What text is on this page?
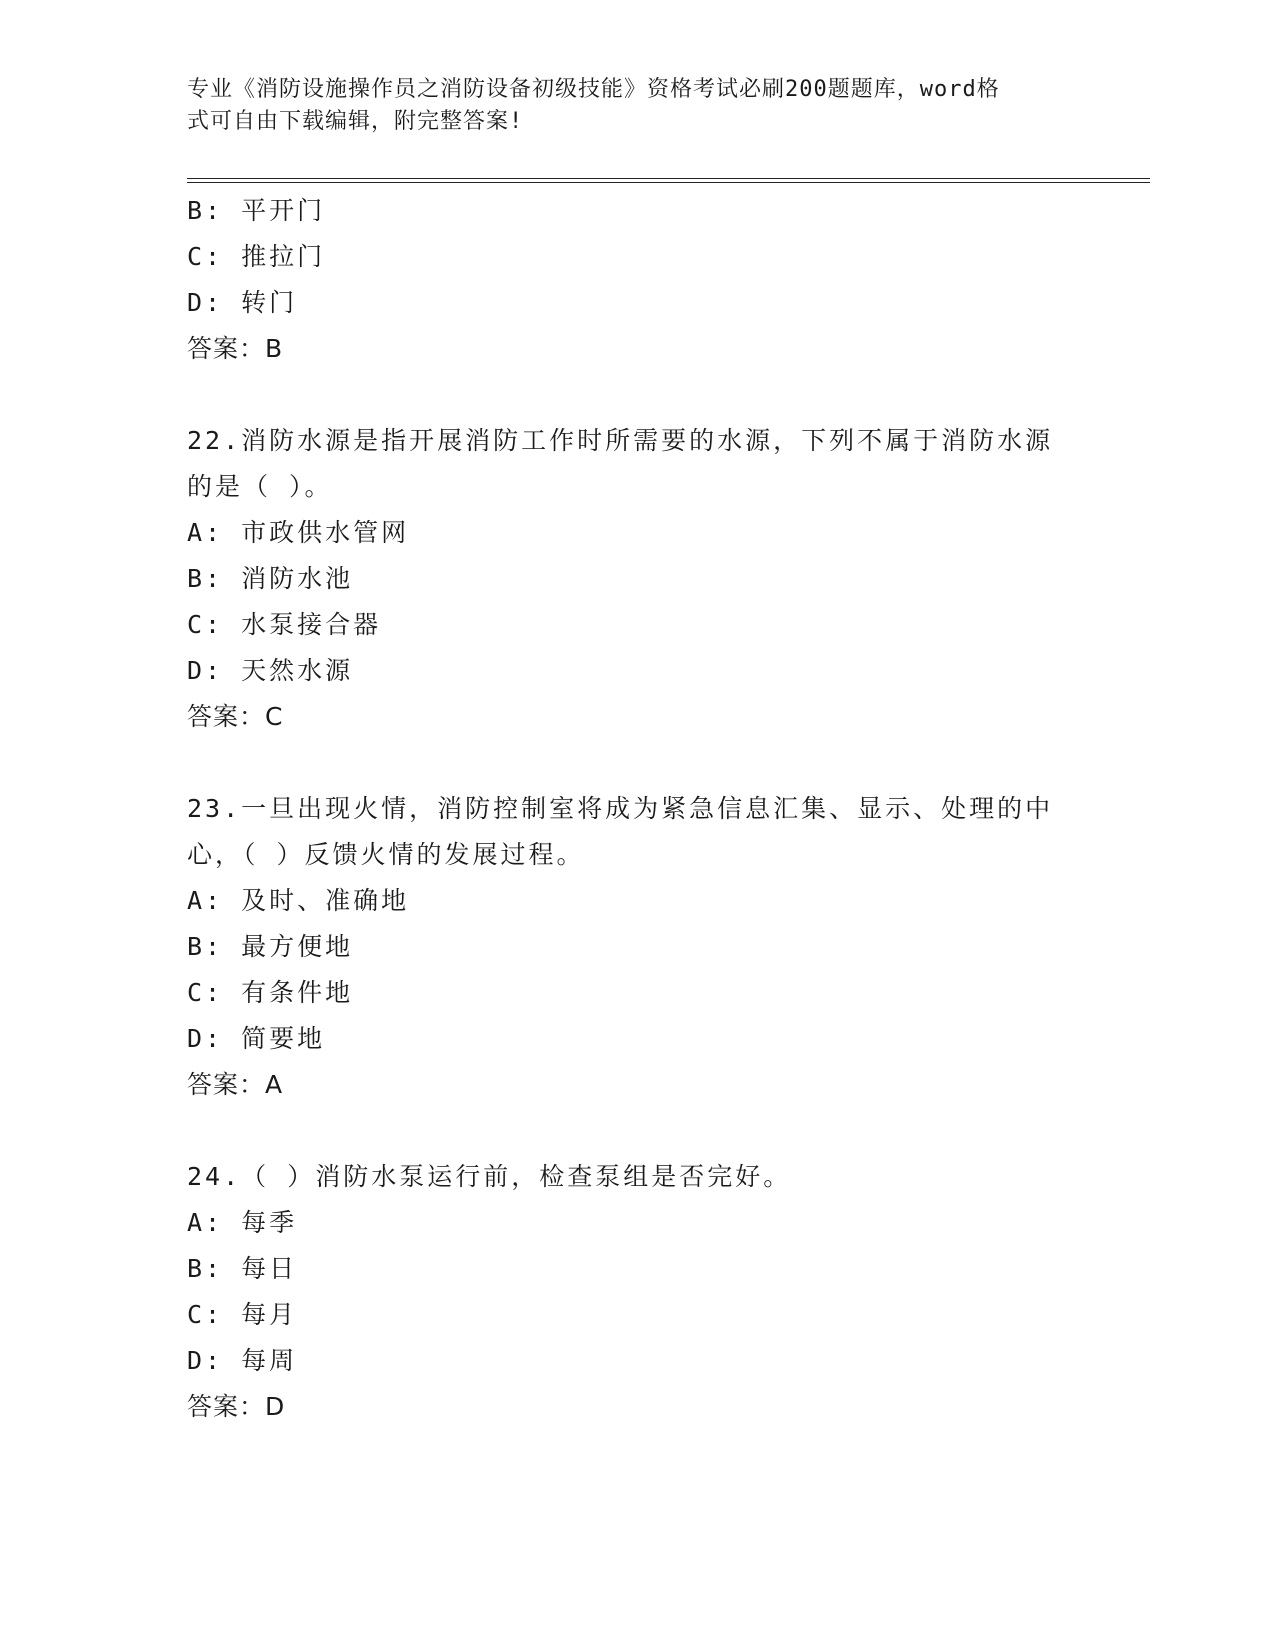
专业《消防设施操作员之消防设备初级技能》资格考试必刷200题题库，word格
式可自由下载编辑，附完整答案!
B: 平开门
C: 推拉门
D: 转门
答案：B
22.消防水源是指开展消防工作时所需要的水源，下列不属于消防水源
的是（ ）。
A: 市政供水管网
B: 消防水池
C: 水泵接合器
D: 天然水源
答案：C
23.一旦出现火情，消防控制室将成为紧急信息汇集、显示、处理的中
心，（ ）反馈火情的发展过程。
A: 及时、准确地
B: 最方便地
C: 有条件地
D: 简要地
答案：A
24.（ ）消防水泵运行前，检查泵组是否完好。
A: 每季
B: 每日
C: 每月
D: 每周
答案：D
